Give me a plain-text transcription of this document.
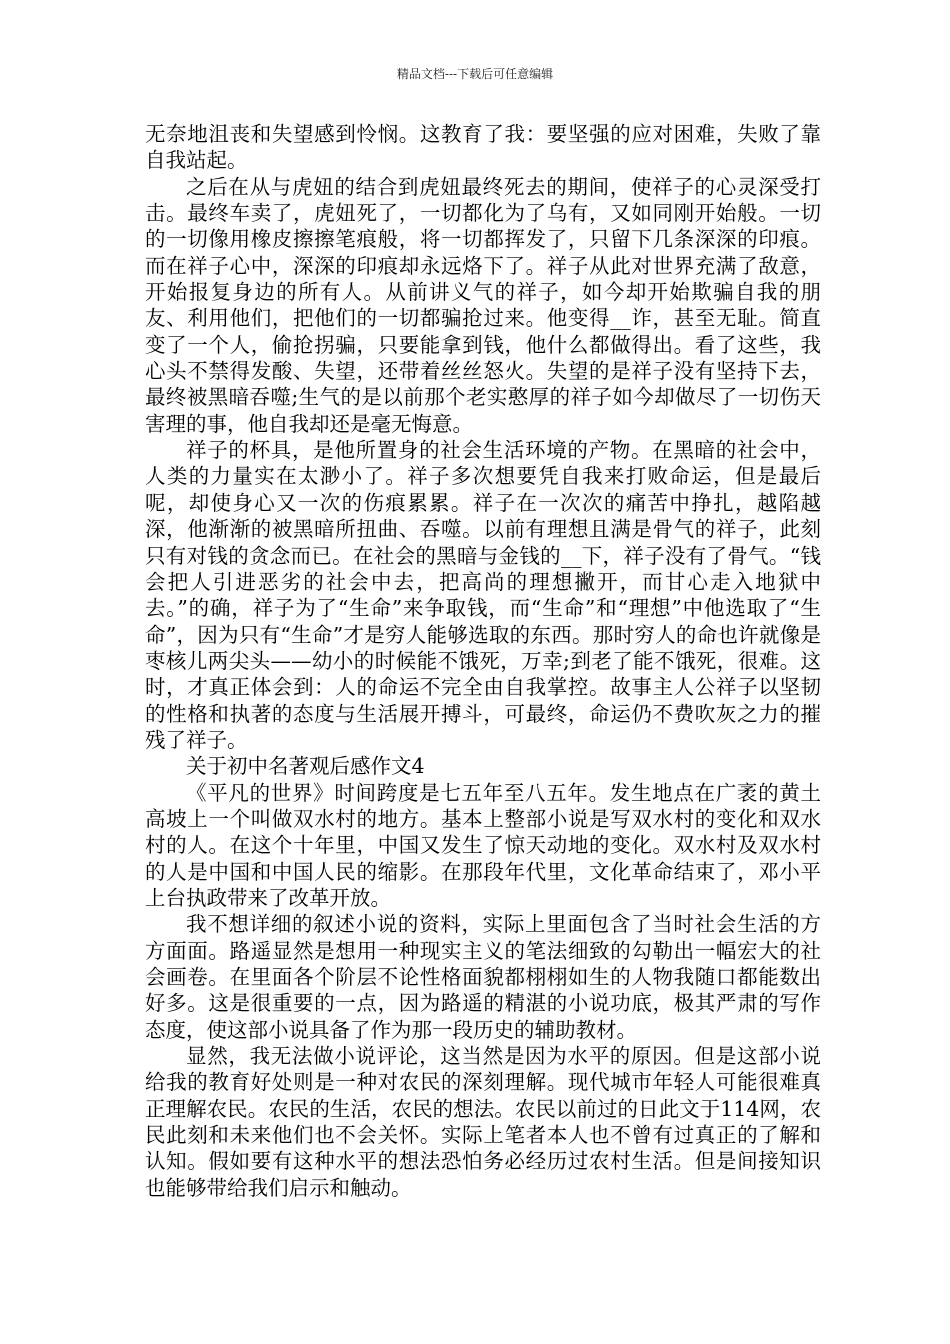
精品文档---下载后可任意编辑

无奈地沮丧和失望感到怜悯。这教育了我：要坚强的应对困难，失败了靠自我站起。

之后在从与虎妞的结合到虎妞最终死去的期间，使祥子的心灵深受打击。最终车卖了，虎妞死了，一切都化为了乌有，又如同刚开始般。一切的一切像用橡皮擦擦笔痕般，将一切都挥发了，只留下几条深深的印痕。而在祥子心中，深深的印痕却永远烙下了。祥子从此对世界充满了敌意，开始报复身边的所有人。从前讲义气的祥子，如今却开始欺骗自我的朋友、利用他们，把他们的一切都骗抢过来。他变得__诈，甚至无耻。简直变了一个人，偷抢拐骗，只要能拿到钱，他什么都做得出。看了这些，我心头不禁得发酸、失望，还带着丝丝怒火。失望的是祥子没有坚持下去，最终被黑暗吞噬;生气的是以前那个老实憨厚的祥子如今却做尽了一切伤天害理的事，他自我却还是毫无悔意。

祥子的杯具，是他所置身的社会生活环境的产物。在黑暗的社会中，人类的力量实在太渺小了。祥子多次想要凭自我来打败命运，但是最后呢，却使身心又一次的伤痕累累。祥子在一次次的痛苦中挣扎，越陷越深，他渐渐的被黑暗所扭曲、吞噬。以前有理想且满是骨气的祥子，此刻只有对钱的贪念而已。在社会的黑暗与金钱的__下，祥子没有了骨气。“钱会把人引进恶劣的社会中去，把高尚的理想撇开，而甘心走入地狱中去。”的确，祥子为了“生命”来争取钱，而“生命”和“理想”中他选取了“生命”，因为只有“生命”才是穷人能够选取的东西。那时穷人的命也许就像是枣核儿两尖头——幼小的时候能不饿死，万幸;到老了能不饿死，很难。这时，才真正体会到：人的命运不完全由自我掌控。故事主人公祥子以坚韧的性格和执著的态度与生活展开搏斗，可最终，命运仍不费吹灰之力的摧残了祥子。

关于初中名著观后感作文4

《平凡的世界》时间跨度是七五年至八五年。发生地点在广袤的黄土高坡上一个叫做双水村的地方。基本上整部小说是写双水村的变化和双水村的人。在这个十年里，中国又发生了惊天动地的变化。双水村及双水村的人是中国和中国人民的缩影。在那段年代里，文化革命结束了，邓小平上台执政带来了改革开放。

我不想详细的叙述小说的资料，实际上里面包含了当时社会生活的方方面面。路遥显然是想用一种现实主义的笔法细致的勾勒出一幅宏大的社会画卷。在里面各个阶层不论性格面貌都栩栩如生的人物我随口都能数出好多。这是很重要的一点，因为路遥的精湛的小说功底，极其严肃的写作态度，使这部小说具备了作为那一段历史的辅助教材。

显然，我无法做小说评论，这当然是因为水平的原因。但是这部小说给我的教育好处则是一种对农民的深刻理解。现代城市年轻人可能很难真正理解农民。农民的生活，农民的想法。农民以前过的日此文于114网，农民此刻和未来他们也不会关怀。实际上笔者本人也不曾有过真正的了解和认知。假如要有这种水平的想法恐怕务必经历过农村生活。但是间接知识也能够带给我们启示和触动。
